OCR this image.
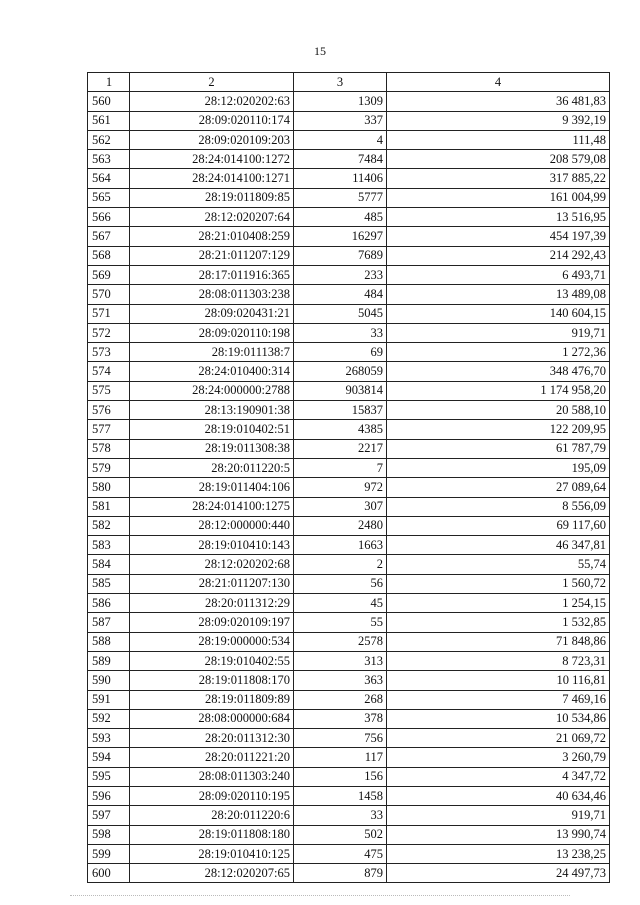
15
1	2	3	4
560	28:12:020202:63	1309	36 481,83
561	28:09:020110:174	337	9 392,19
562	28:09:020109:203	4	111,48
563	28:24:014100:1272	7484	208 579,08
564	28:24:014100:1271	11406	317 885,22
565	28:19:011809:85	5777	161 004,99
566	28:12:020207:64	485	13 516,95
567	28:21:010408:259	16297	454 197,39
568	28:21:011207:129	7689	214 292,43
569	28:17:011916:365	233	6 493,71
570	28:08:011303:238	484	13 489,08
571	28:09:020431:21	5045	140 604,15
572	28:09:020110:198	33	919,71
573	28:19:011138:7	69	1 272,36
574	28:24:010400:314	268059	348 476,70
575	28:24:000000:2788	903814	1 174 958,20
576	28:13:190901:38	15837	20 588,10
577	28:19:010402:51	4385	122 209,95
578	28:19:011308:38	2217	61 787,79
579	28:20:011220:5	7	195,09
580	28:19:011404:106	972	27 089,64
581	28:24:014100:1275	307	8 556,09
582	28:12:000000:440	2480	69 117,60
583	28:19:010410:143	1663	46 347,81
584	28:12:020202:68	2	55,74
585	28:21:011207:130	56	1 560,72
586	28:20:011312:29	45	1 254,15
587	28:09:020109:197	55	1 532,85
588	28:19:000000:534	2578	71 848,86
589	28:19:010402:55	313	8 723,31
590	28:19:011808:170	363	10 116,81
591	28:19:011809:89	268	7 469,16
592	28:08:000000:684	378	10 534,86
593	28:20:011312:30	756	21 069,72
594	28:20:011221:20	117	3 260,79
595	28:08:011303:240	156	4 347,72
596	28:09:020110:195	1458	40 634,46
597	28:20:011220:6	33	919,71
598	28:19:011808:180	502	13 990,74
599	28:19:010410:125	475	13 238,25
600	28:12:020207:65	879	24 497,73
